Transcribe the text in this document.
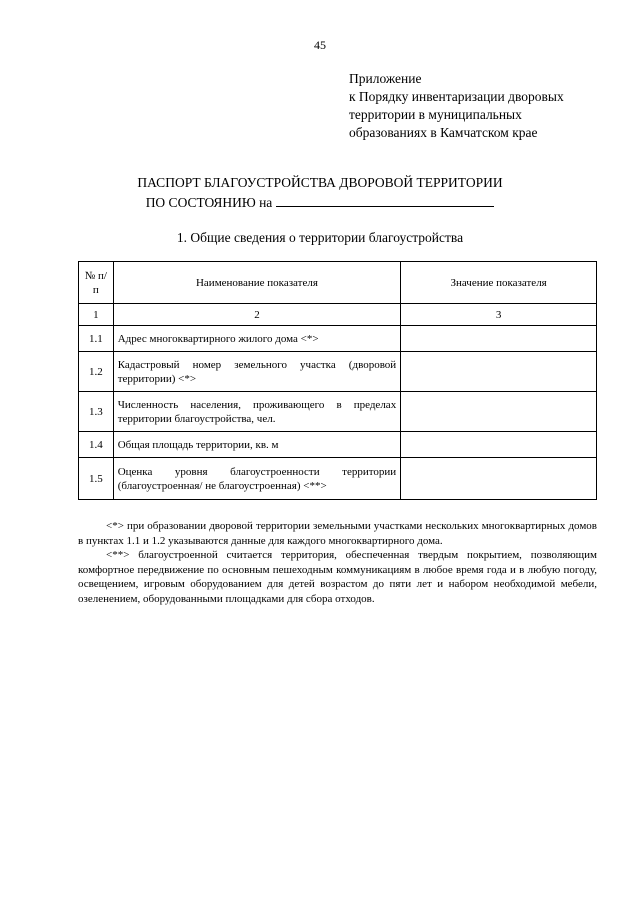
45
Приложение
к Порядку инвентаризации дворовых
территории в муниципальных
образованиях в Камчатском крае
ПАСПОРТ БЛАГОУСТРОЙСТВА ДВОРОВОЙ ТЕРРИТОРИИ
ПО СОСТОЯНИЮ на
1. Общие сведения о территории благоустройства
№ п/п	Наименование показателя	Значение показателя
1	2	3
1.1	Адрес многоквартирного жилого дома <*>	
1.2	Кадастровый номер земельного участка (дворовой территории) <*>	
1.3	Численность населения, проживающего в пределах территории благоустройства, чел.	
1.4	Общая площадь территории, кв. м	
1.5	Оценка уровня благоустроенности территории (благоустроенная/ не благоустроенная) <**>	

<*> при образовании дворовой территории земельными участками нескольких многоквартирных домов в пунктах 1.1 и 1.2 указываются данные для каждого многоквартирного дома.

<**> благоустроенной считается территория, обеспеченная твердым покрытием, позволяющим комфортное передвижение по основным пешеходным коммуникациям в любое время года и в любую погоду, освещением, игровым оборудованием для детей возрастом до пяти лет и набором необходимой мебели, озеленением, оборудованными площадками для сбора отходов.
